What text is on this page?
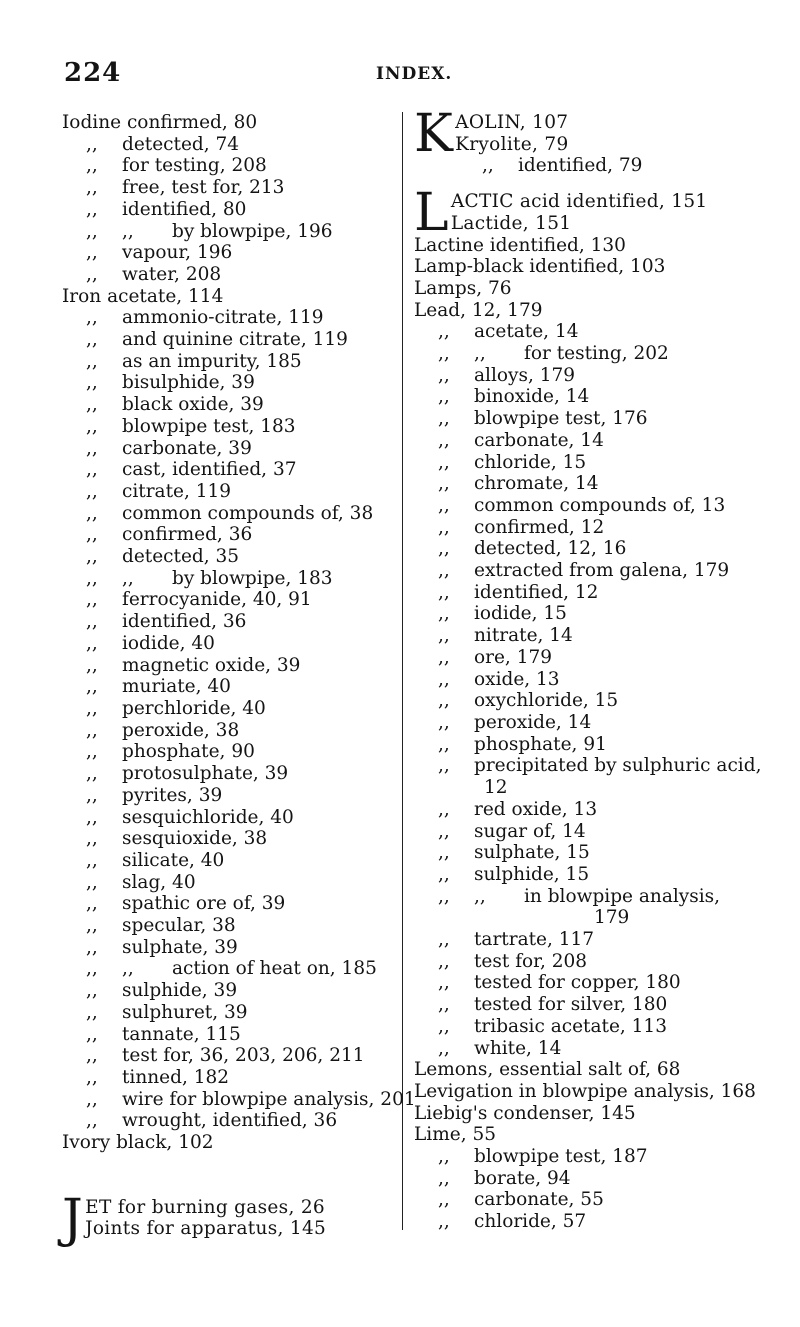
224	INDEX.
Iodine confirmed, 80
,, detected, 74
,, for testing, 208
,, free, test for, 213
,, identified, 80
,, ,, by blowpipe, 196
,, vapour, 196
,, water, 208
Iron acetate, 114
,, ammonio-citrate, 119
,, and quinine citrate, 119
,, as an impurity, 185
,, bisulphide, 39
,, black oxide, 39
,, blowpipe test, 183
,, carbonate, 39
,, cast, identified, 37
,, citrate, 119
,, common compounds of, 38
,, confirmed, 36
,, detected, 35
,, ,, by blowpipe, 183
,, ferrocyanide, 40, 91
,, identified, 36
,, iodide, 40
,, magnetic oxide, 39
,, muriate, 40
,, perchloride, 40
,, peroxide, 38
,, phosphate, 90
,, protosulphate, 39
,, pyrites, 39
,, sesquichloride, 40
,, sesquioxide, 38
,, silicate, 40
,, slag, 40
,, spathic ore of, 39
,, specular, 38
,, sulphate, 39
,, ,, action of heat on, 185
,, sulphide, 39
,, sulphuret, 39
,, tannate, 115
,, test for, 36, 203, 206, 211
,, tinned, 182
,, wire for blowpipe analysis, 201
,, wrought, identified, 36
Ivory black, 102
J ET for burning gases, 26
Joints for apparatus, 145
K AOLIN, 107
Kryolite, 79
,, identified, 79
L ACTIC acid identified, 151
Lactide, 151
Lactine identified, 130
Lamp-black identified, 103
Lamps, 76
Lead, 12, 179
,, acetate, 14
,, ,, for testing, 202
,, alloys, 179
,, binoxide, 14
,, blowpipe test, 176
,, carbonate, 14
,, chloride, 15
,, chromate, 14
,, common compounds of, 13
,, confirmed, 12
,, detected, 12, 16
,, extracted from galena, 179
,, identified, 12
,, iodide, 15
,, nitrate, 14
,, ore, 179
,, oxide, 13
,, oxychloride, 15
,, peroxide, 14
,, phosphate, 91
,, precipitated by sulphuric acid,
12
,, red oxide, 13
,, sugar of, 14
,, sulphate, 15
,, sulphide, 15
,, ,, in blowpipe analysis,
179
,, tartrate, 117
,, test for, 208
,, tested for copper, 180
,, tested for silver, 180
,, tribasic acetate, 113
,, white, 14
Lemons, essential salt of, 68
Levigation in blowpipe analysis, 168
Liebig's condenser, 145
Lime, 55
,, blowpipe test, 187
,, borate, 94
,, carbonate, 55
,, chloride, 57
